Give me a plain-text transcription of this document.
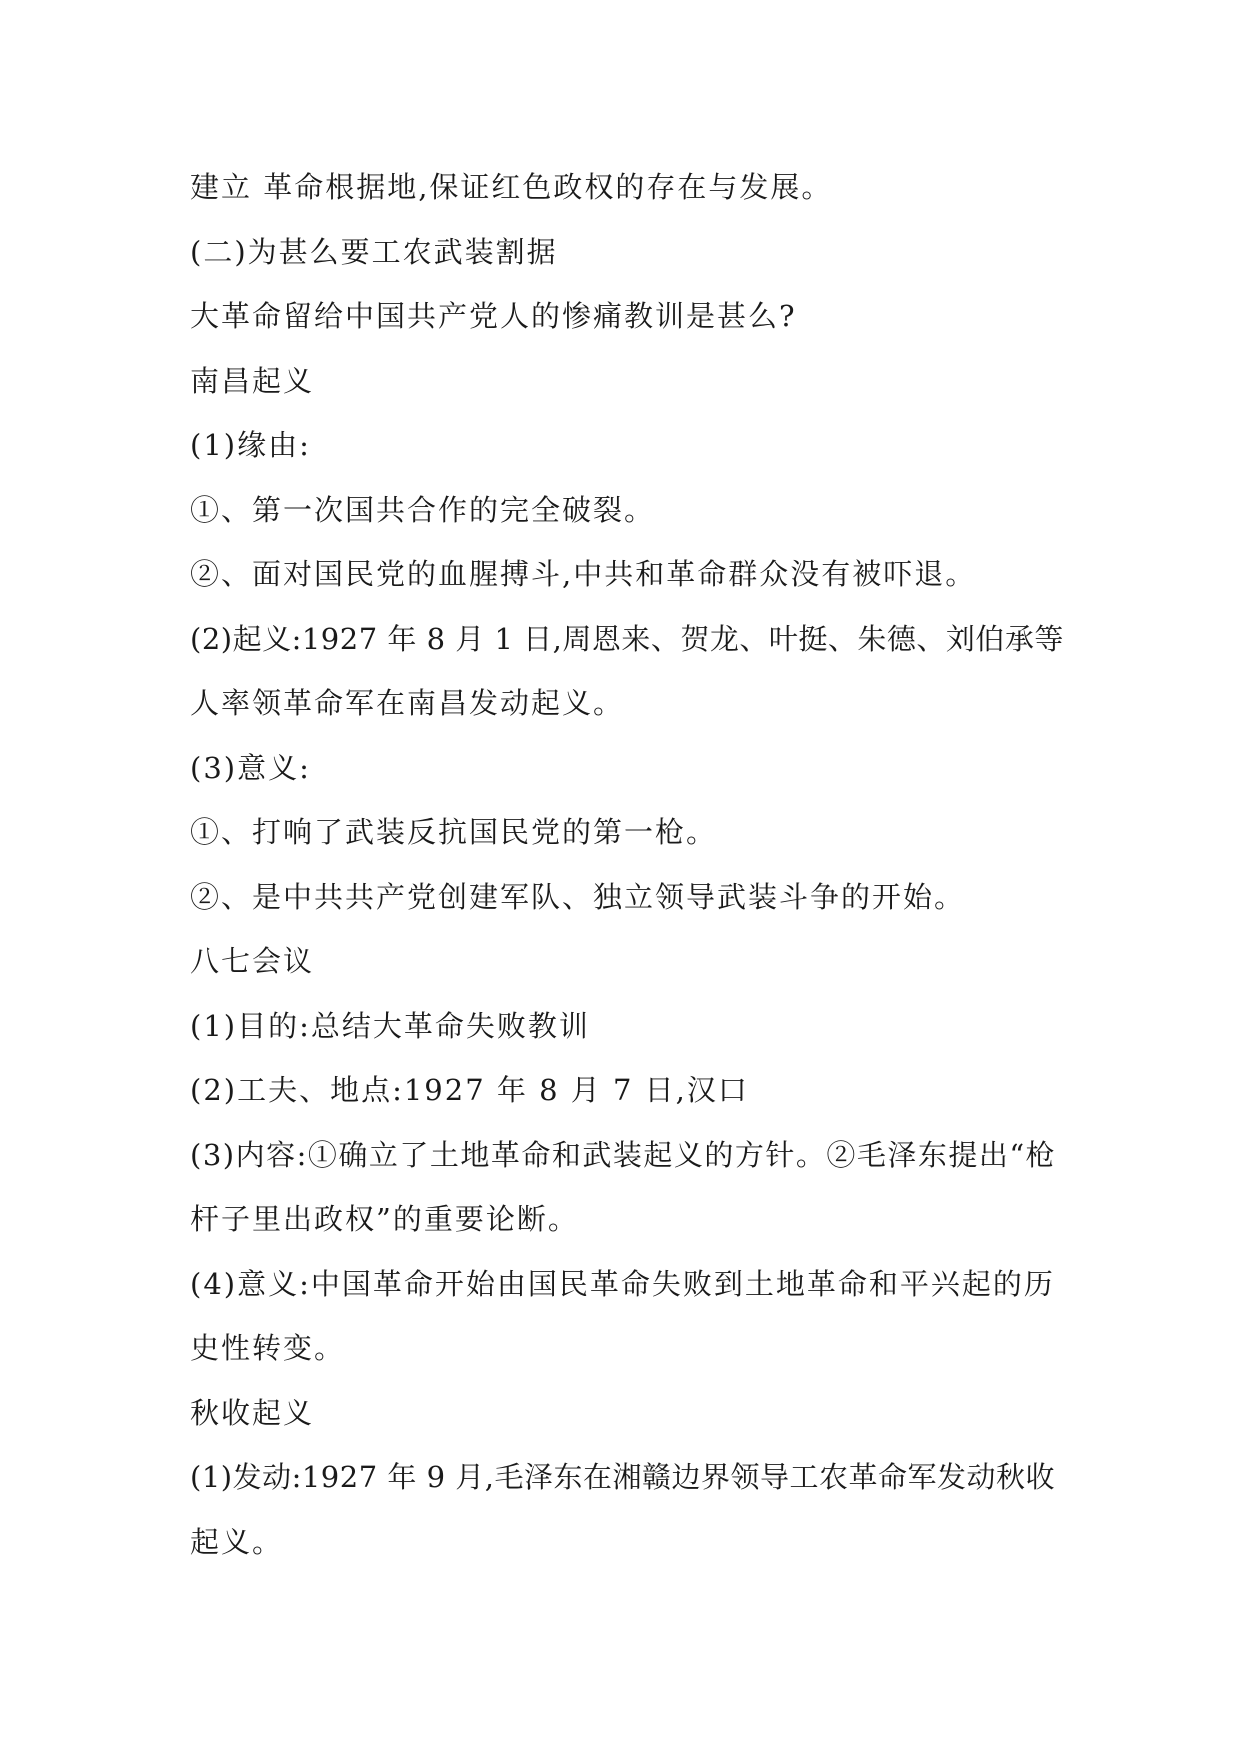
建立 革命根据地,保证红色政权的存在与发展。
(二)为甚么要工农武装割据
大革命留给中国共产党人的惨痛教训是甚么?
南昌起义
(1)缘由:
①、第一次国共合作的完全破裂。
②、面对国民党的血腥搏斗,中共和革命群众没有被吓退。
(2)起义:1927 年 8 月 1 日,周恩来、贺龙、叶挺、朱德、刘伯承等
人率领革命军在南昌发动起义。
(3)意义:
①、打响了武装反抗国民党的第一枪。
②、是中共共产党创建军队、独立领导武装斗争的开始。
八七会议
(1)目的:总结大革命失败教训
(2)工夫、地点:1927 年 8 月 7 日,汉口
(3)内容:①确立了土地革命和武装起义的方针。②毛泽东提出“枪
杆子里出政权”的重要论断。
(4)意义:中国革命开始由国民革命失败到土地革命和平兴起的历
史性转变。
秋收起义
(1)发动:1927 年 9 月,毛泽东在湘赣边界领导工农革命军发动秋收
起义。
